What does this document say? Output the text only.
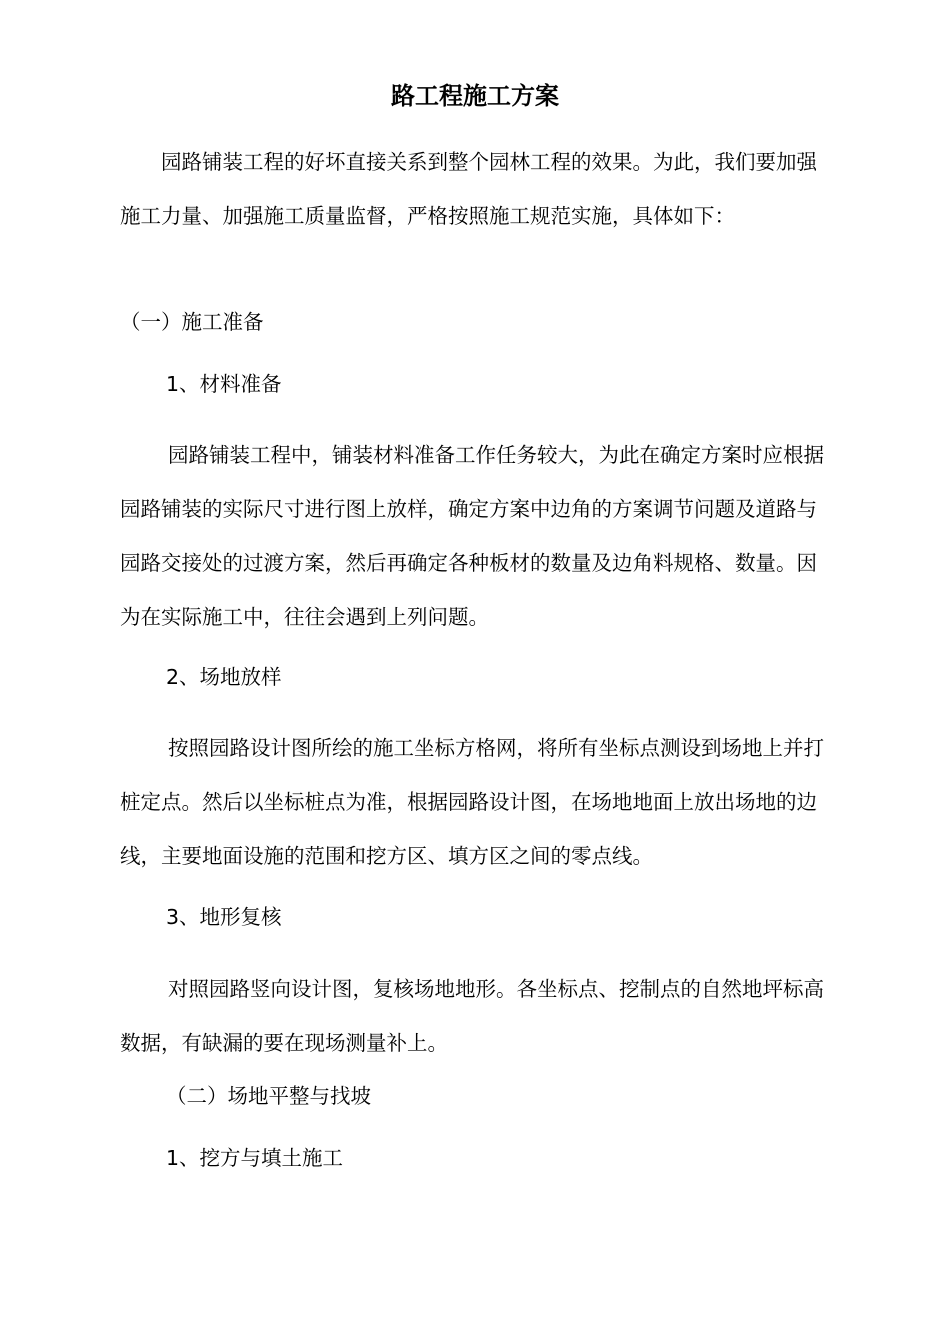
路工程施工方案

园路铺装工程的好坏直接关系到整个园林工程的效果。为此，我们要加强施工力量、加强施工质量监督，严格按照施工规范实施，具体如下：

（一）施工准备
1、材料准备

园路铺装工程中，铺装材料准备工作任务较大，为此在确定方案时应根据园路铺装的实际尺寸进行图上放样，确定方案中边角的方案调节问题及道路与园路交接处的过渡方案，然后再确定各种板材的数量及边角料规格、数量。因为在实际施工中，往往会遇到上列问题。

2、场地放样

按照园路设计图所绘的施工坐标方格网，将所有坐标点测设到场地上并打桩定点。然后以坐标桩点为准，根据园路设计图，在场地地面上放出场地的边线，主要地面设施的范围和挖方区、填方区之间的零点线。

3、地形复核

对照园路竖向设计图，复核场地地形。各坐标点、挖制点的自然地坪标高数据，有缺漏的要在现场测量补上。

（二）场地平整与找坡
1、挖方与填土施工
